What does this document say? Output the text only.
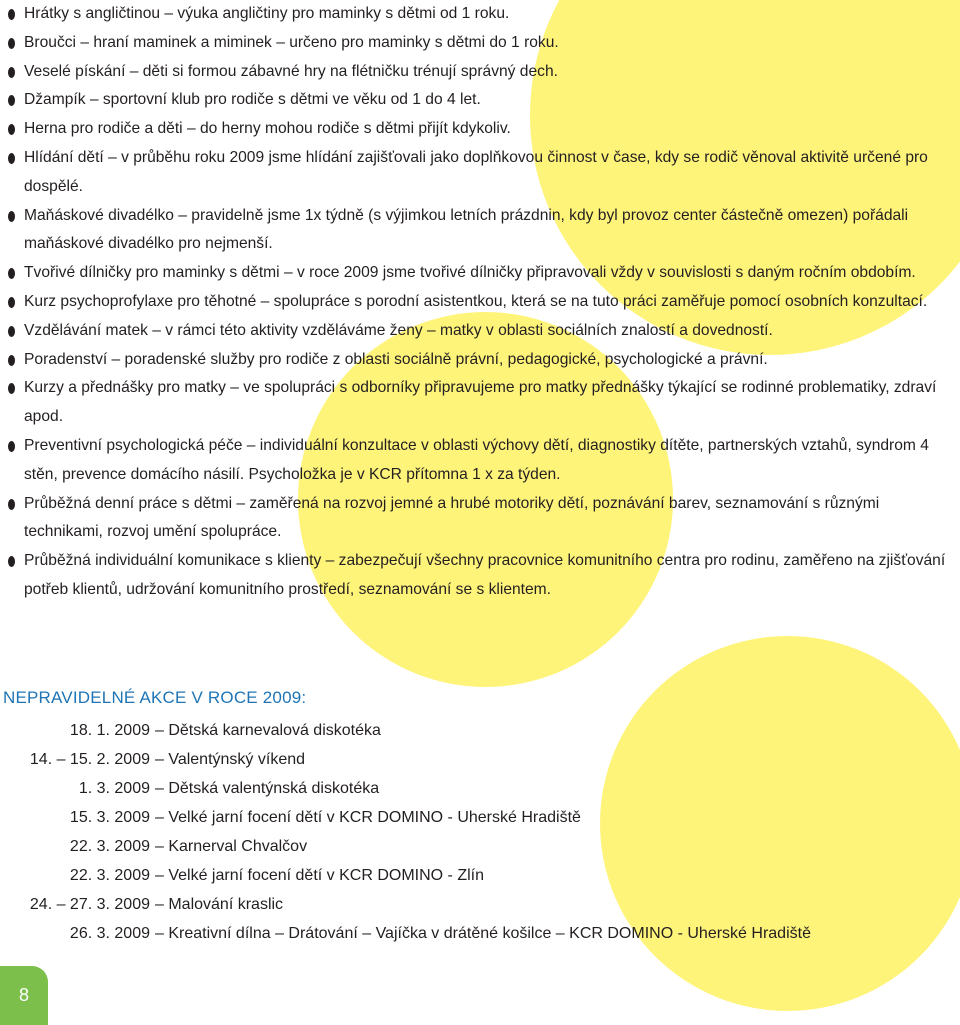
Hrátky s angličtinou – výuka angličtiny pro maminky s dětmi od 1 roku.
Broučci – hraní maminek a miminek – určeno pro maminky s dětmi do 1 roku.
Veselé pískání – děti si formou zábavné hry na flétničku trénují správný dech.
Džampík – sportovní klub pro rodiče s dětmi ve věku od 1 do 4 let.
Herna pro rodiče a děti – do herny mohou rodiče s dětmi přijít kdykoliv.
Hlídání dětí – v průběhu roku 2009 jsme hlídání zajišťovali jako doplňkovou činnost v čase, kdy se rodič věnoval aktivitě určené pro dospělé.
Maňáskové divadélko – pravidelně jsme 1x týdně (s výjimkou letních prázdnin, kdy byl provoz center částečně omezen) pořádali maňáskové divadélko pro nejmenší.
Tvořivé dílničky pro maminky s dětmi – v roce 2009 jsme tvořivé dílničky připravovali vždy v souvislosti s daným ročním obdobím.
Kurz psychoprofylaxe pro těhotné – spolupráce s porodní asistentkou, která se na tuto práci zaměřuje pomocí osobních konzultací.
Vzdělávání matek – v rámci této aktivity vzděláváme ženy – matky v oblasti sociálních znalostí a dovedností.
Poradenství – poradenské služby pro rodiče z oblasti sociálně právní, pedagogické, psychologické a právní.
Kurzy a přednášky pro matky – ve spolupráci s odborníky připravujeme pro matky přednášky týkající se rodinné problematiky, zdraví apod.
Preventivní psychologická péče – individuální konzultace v oblasti výchovy dětí, diagnostiky dítěte, partnerských vztahů, syndrom 4 stěn, prevence domácího násilí. Psycholožka je v KCR přítomna 1 x za týden.
Průběžná denní práce s dětmi – zaměřená na rozvoj jemné a hrubé motoriky dětí, poznávání barev, seznamování s různými technikami, rozvoj umění spolupráce.
Průběžná individuální komunikace s klienty – zabezpečují všechny pracovnice komunitního centra pro rodinu, zaměřeno na zjišťování potřeb klientů, udržování komunitního prostředí, seznamování se s klientem.
NEPRAVIDELNÉ AKCE V ROCE 2009:
18. 1. 2009 – Dětská karnevalová diskotéka
14. – 15. 2. 2009 – Valentýnský víkend
1. 3. 2009 – Dětská valentýnská diskotéka
15. 3. 2009 – Velké jarní focení dětí v KCR DOMINO - Uherské Hradiště
22. 3. 2009 – Karnerval Chvalčov
22. 3. 2009 – Velké jarní focení dětí v KCR DOMINO - Zlín
24. – 27. 3. 2009 – Malování kraslic
26. 3. 2009 – Kreativní dílna – Drátování – Vajíčka v drátěné košilce – KCR DOMINO - Uherské Hradiště
8
